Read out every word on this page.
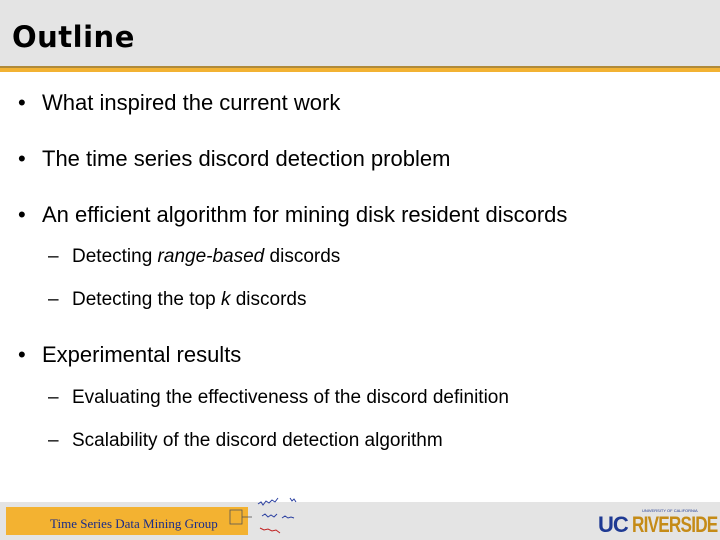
Outline
• What inspired the current work
• The time series discord detection problem
• An efficient algorithm for mining disk resident discords
– Detecting range-based discords
– Detecting the top k discords
• Experimental results
– Evaluating the effectiveness of the discord definition
– Scalability of the discord detection algorithm
Time Series Data Mining Group	UC RIVERSIDE
UNIVERSITY OF CALIFORNIA
